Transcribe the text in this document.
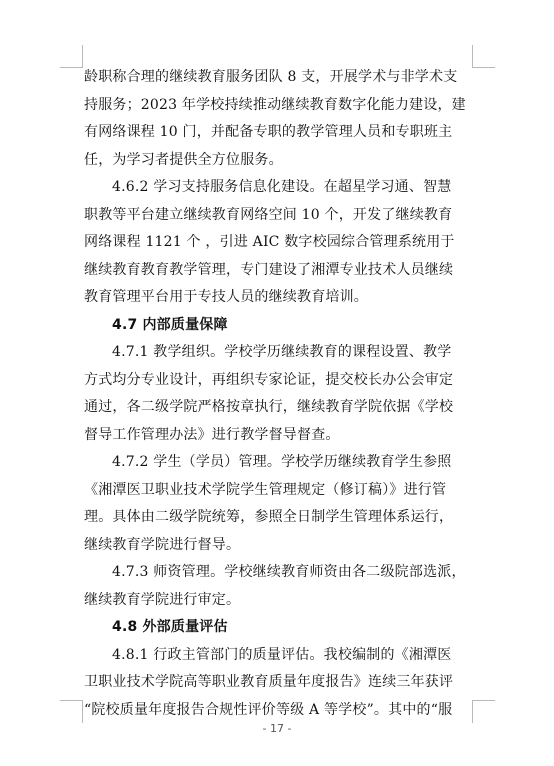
龄职称合理的继续教育服务团队 8 支，开展学术与非学术支
持服务；2023 年学校持续推动继续教育数字化能力建设，建
有网络课程 10 门，并配备专职的教学管理人员和专职班主
任，为学习者提供全方位服务。
4.6.2 学习支持服务信息化建设。在超星学习通、智慧
职教等平台建立继续教育网络空间 10 个，开发了继续教育
网络课程 1121 个 ，引进 AIC 数字校园综合管理系统用于
继续教育教育教学管理，专门建设了湘潭专业技术人员继续
教育管理平台用于专技人员的继续教育培训。
4.7 内部质量保障
4.7.1 教学组织。学校学历继续教育的课程设置、教学
方式均分专业设计，再组织专家论证，提交校长办公会审定
通过，各二级学院严格按章执行，继续教育学院依据《学校
督导工作管理办法》进行教学督导督查。
4.7.2 学生（学员）管理。学校学历继续教育学生参照
《湘潭医卫职业技术学院学生管理规定（修订稿）》进行管
理。具体由二级学院统筹，参照全日制学生管理体系运行，
继续教育学院进行督导。
4.7.3 师资管理。学校继续教育师资由各二级院部选派，
继续教育学院进行审定。
4.8 外部质量评估
4.8.1 行政主管部门的质量评估。我校编制的《湘潭医
卫职业技术学院高等职业教育质量年度报告》连续三年获评
“院校质量年度报告合规性评价等级 A 等学校”。其中的“服
- 17 -
